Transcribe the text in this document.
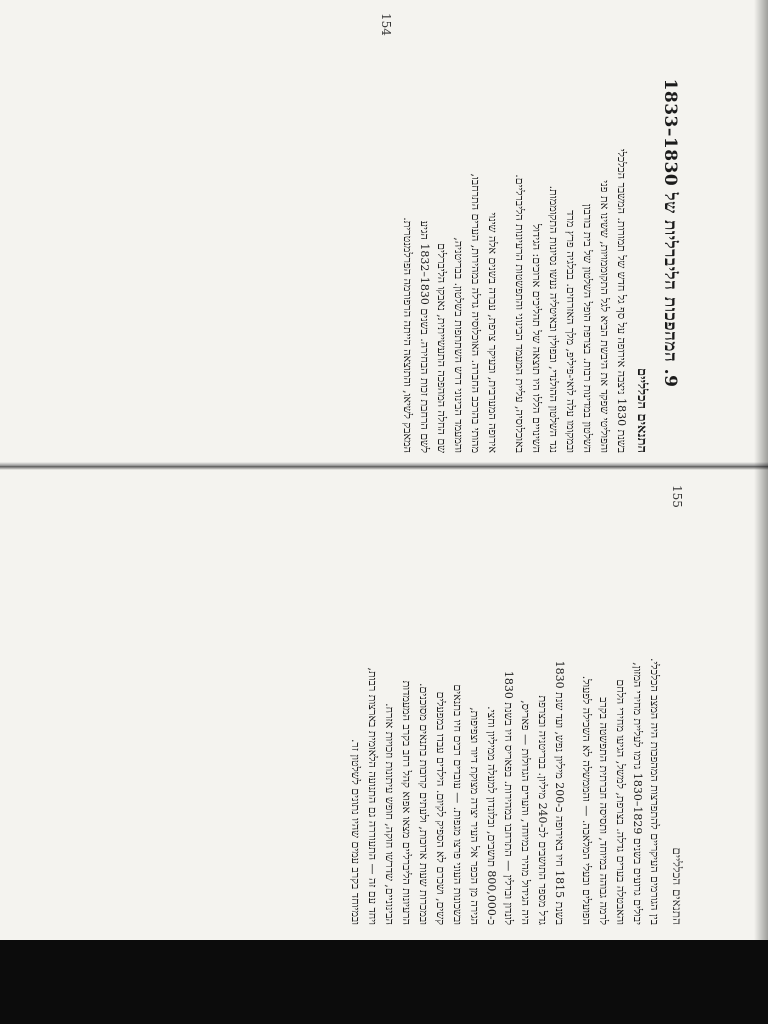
9. המהפכות הליברליות של 1830–1833
התנאים הכלליים
בשנת 1830 ניצבה אירופה על סף גל חדש של תמורות. המשבר הכלכלי
והפוליטי שפקד את היבשת הביא לגל התקוממויות, ששינו את פני
השלטון במדינות רבות. בצרפת הופל השלטון של בית בורבון
ובמקומו עלה לואי-פיליפ, מלך האזרחים. בבלגיה פרץ מרד
נגד השלטון ההולנדי, ובפולין ובאיטליה נעשו נסיונות התקוממות.
השינויים הללו היו תוצאה של תהליכים ארוכים: הגידול
באוכלוסיה, עליית המעמד הבינוני והתפשטות הרעיונות הליברליים.
אירופה המערבית, ובעיקר צרפת, עברה בשנים אלה שינוי
מהותי בהרכב החברה. האוכלוסיה גדלה במהירות, הערים התרחבו,
והמעמד הבינוני דרש השתתפות בשלטון. בבריטניה,
שם החלה המהפכה התעשייתית, נאבקו הליברלים
לשם הרחבת זכות הבחירה. בשנים 1830–1832 הגיע
המאבק לשיאו, והתוצאה הייתה הרפורמה הפרלמנטרית.
154
התנאים הכלליים
155
בין הגורמים העיקריים להתפרצות המהפכות היה המצב הכלכלי.
יבולים גרועים בשנים 1829–1830 גרמו לעליית מחירי המזון,
והאבטלה בערים גדלה. בצרפת, למשל, הגיעו מחירי הלחם
לרמה גבוהה במיוחד, ותסיסה חברתית התפשטה בקרב
הפועלים ובעלי המלאכה. — והממשלה לא השכילה לפעול.
בשנת 1815 חיו באירופה כ-200 מיליון נפש, ועד שנת 1830
גדל מספר התושבים לכ-240 מיליון. בבריטניה ובצרפת
היה הגידול מהיר במיוחד, והערים הגדולות — פאריס,
לונדון וברלין — התרחבו במהירות. בפאריס חיו בשנת 1830
כ-800,000 תושבים, ובלונדון למעלה ממיליון וחצי.
הגירה מן הכפר אל העיר יצרה מצוקת דיור וצפיפות,
ובשכונות העוני פרצו מגפות. — עובדים רבים חיו בתנאים
קשים, ושכרם לא הספיק לקיום. הילדים עבדו במפעלים
ובמכרות שעות ארוכות, ולעתים קרובות בתנאים מסוכנים.
הרעיונות הליברליים מצאו אפוא קהל רחב בקרב המעמדות
הבינוניים, שדרשו חוקה, חופש עיתונות וזכויות אזרח.
ויחד עם זה — התעוררה גם התנועה הלאומית בארצות רבות,
ובמיוחד בקרב עמים שהיו נתונים לשלטון זר.
